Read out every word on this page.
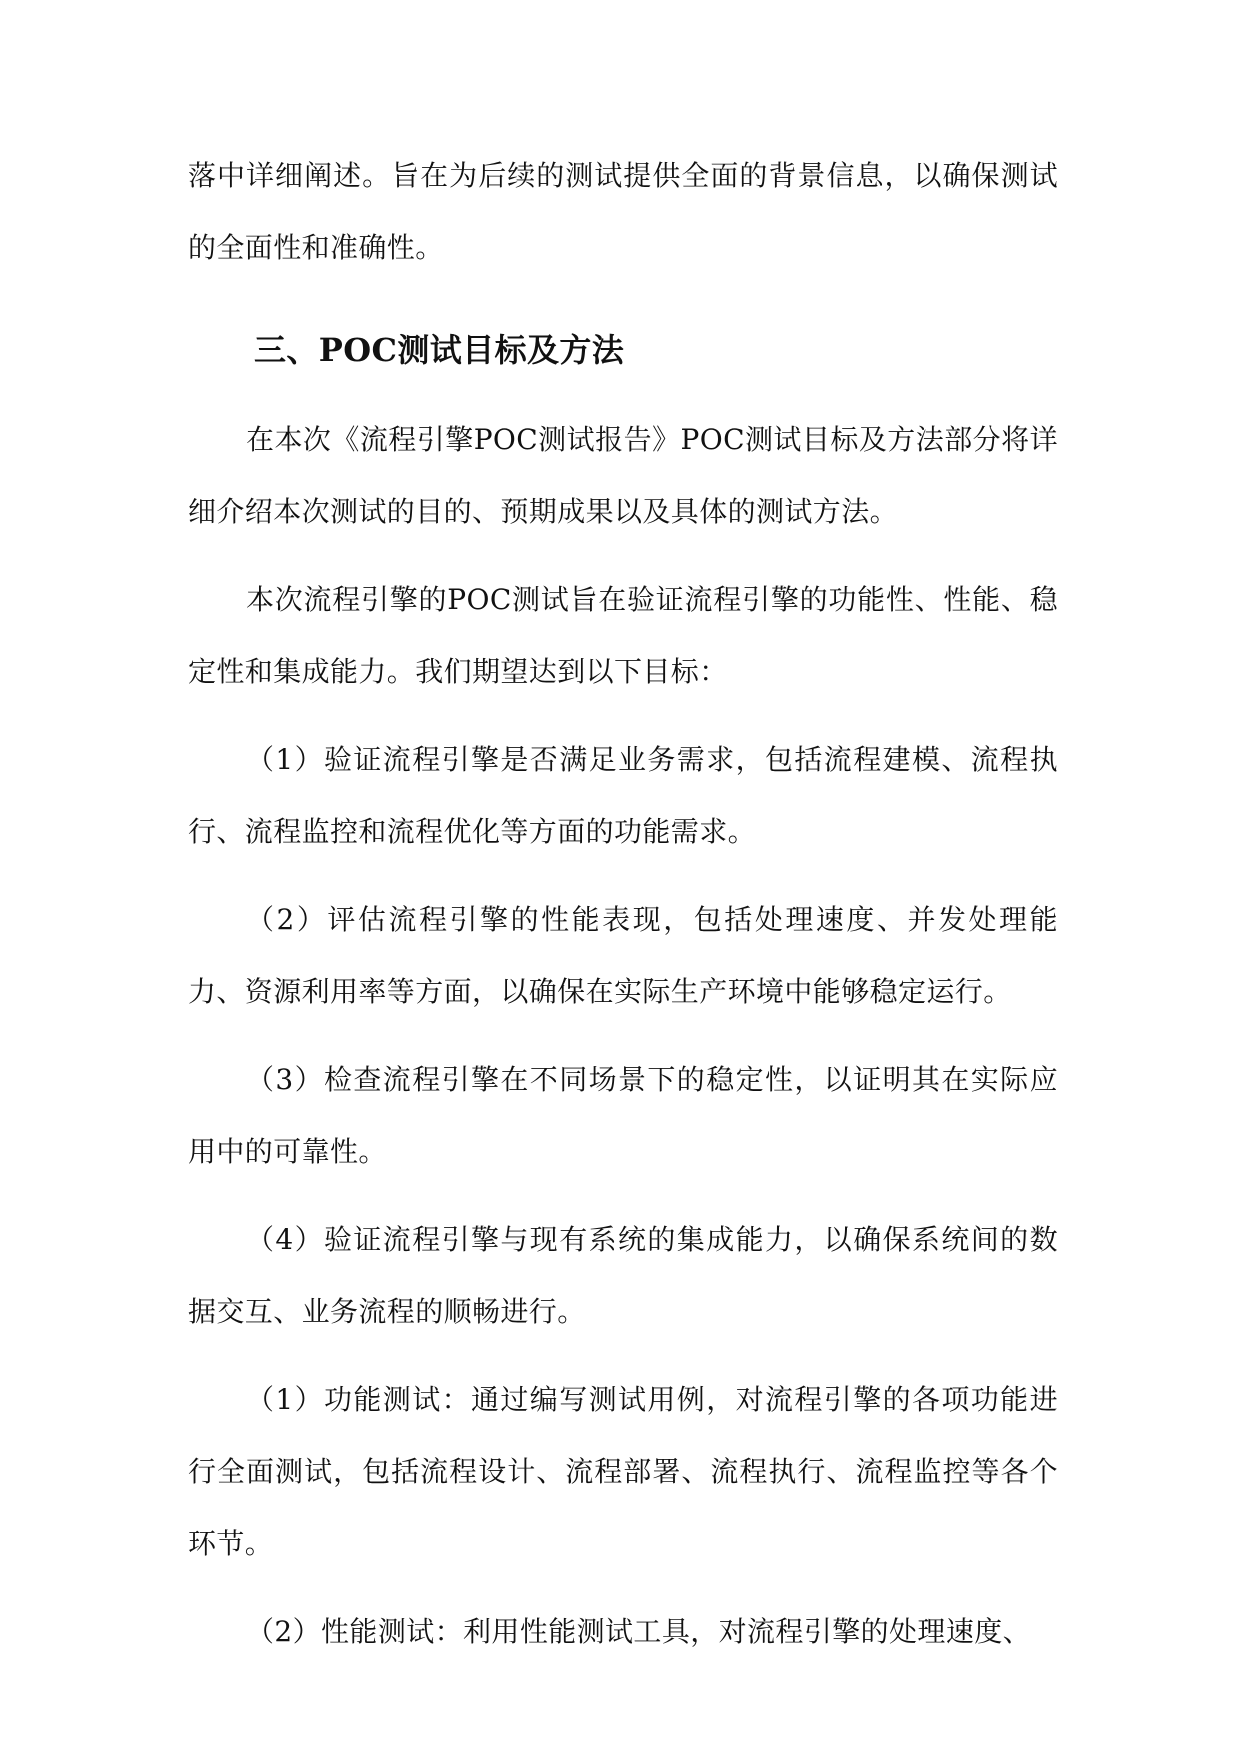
落中详细阐述。旨在为后续的测试提供全面的背景信息，以确保测试的全面性和准确性。

三、POC测试目标及方法

在本次《流程引擎POC测试报告》POC测试目标及方法部分将详细介绍本次测试的目的、预期成果以及具体的测试方法。

本次流程引擎的POC测试旨在验证流程引擎的功能性、性能、稳定性和集成能力。我们期望达到以下目标：

（1）验证流程引擎是否满足业务需求，包括流程建模、流程执行、流程监控和流程优化等方面的功能需求。

（2）评估流程引擎的性能表现，包括处理速度、并发处理能力、资源利用率等方面，以确保在实际生产环境中能够稳定运行。

（3）检查流程引擎在不同场景下的稳定性，以证明其在实际应用中的可靠性。

（4）验证流程引擎与现有系统的集成能力，以确保系统间的数据交互、业务流程的顺畅进行。

（1）功能测试：通过编写测试用例，对流程引擎的各项功能进行全面测试，包括流程设计、流程部署、流程执行、流程监控等各个环节。

（2）性能测试：利用性能测试工具，对流程引擎的处理速度、
